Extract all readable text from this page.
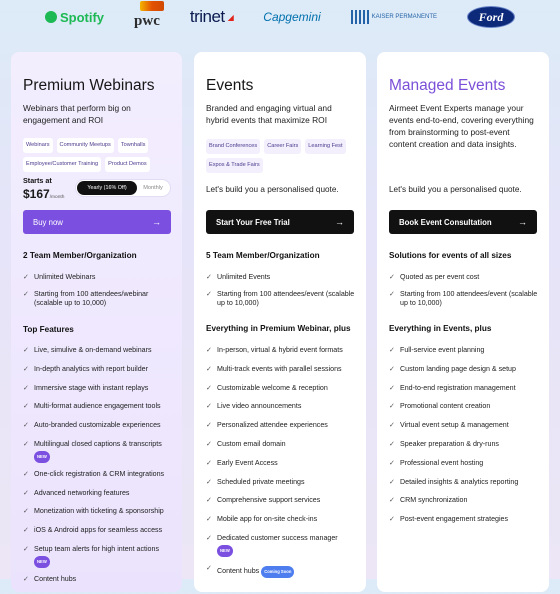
Spotify pwc trinet ◢ Capgemini	KAISER PERMANENTE	Ford
Premium Webinars
Webinars that perform big on engagement and ROI
Webinars	Community Meetups	Townhalls
Employee/Customer Training	Product Demos
Starts at
$167/month
Yearly (16% Off)	Monthly
Buy now	→
2 Team Member/Organization
✓ Unlimited Webinars
✓ Starting from 100 attendees/webinar (scalable up to 10,000)
Top Features
✓ Live, simulive & on-demand webinars
✓ In-depth analytics with report builder
✓ Immersive stage with instant replays
✓ Multi-format audience engagement tools
✓ Auto-branded customizable experiences
✓ Multilingual closed captions & transcripts
NEW
✓ One-click registration & CRM integrations
✓ Advanced networking features
✓ Monetization with ticketing & sponsorship
✓ iOS & Android apps for seamless access
✓ Setup team alerts for high intent actions
NEW
✓ Content hubs
Events
Branded and engaging virtual and hybrid events that maximize ROI
Brand Conferences	Career Fairs	Learning Fest
Expos & Trade Fairs
Let's build you a personalised quote.
Start Your Free Trial	→
5 Team Member/Organization
✓ Unlimited Events
✓ Starting from 100 attendees/event (scalable up to 10,000)
Everything in Premium Webinar, plus
✓ In-person, virtual & hybrid event formats
✓ Multi-track events with parallel sessions
✓ Customizable welcome & reception
✓ Live video announcements
✓ Personalized attendee experiences
✓ Custom email domain
✓ Early Event Access
✓ Scheduled private meetings
✓ Comprehensive support services
✓ Mobile app for on-site check-ins
✓ Dedicated customer success manager
NEW
✓ Content hubs Coming Soon
Managed Events
Airmeet Event Experts manage your events end-to-end, covering everything from brainstorming to post-event content creation and data insights.
Let's build you a personalised quote.
Book Event Consultation	→
Solutions for events of all sizes
✓ Quoted as per event cost
✓ Starting from 100 attendees/event (scalable up to 10,000)
Everything in Events, plus
✓ Full-service event planning
✓ Custom landing page design & setup
✓ End-to-end registration management
✓ Promotional content creation
✓ Virtual event setup & management
✓ Speaker preparation & dry-runs
✓ Professional event hosting
✓ Detailed insights & analytics reporting
✓ CRM synchronization
✓ Post-event engagement strategies
